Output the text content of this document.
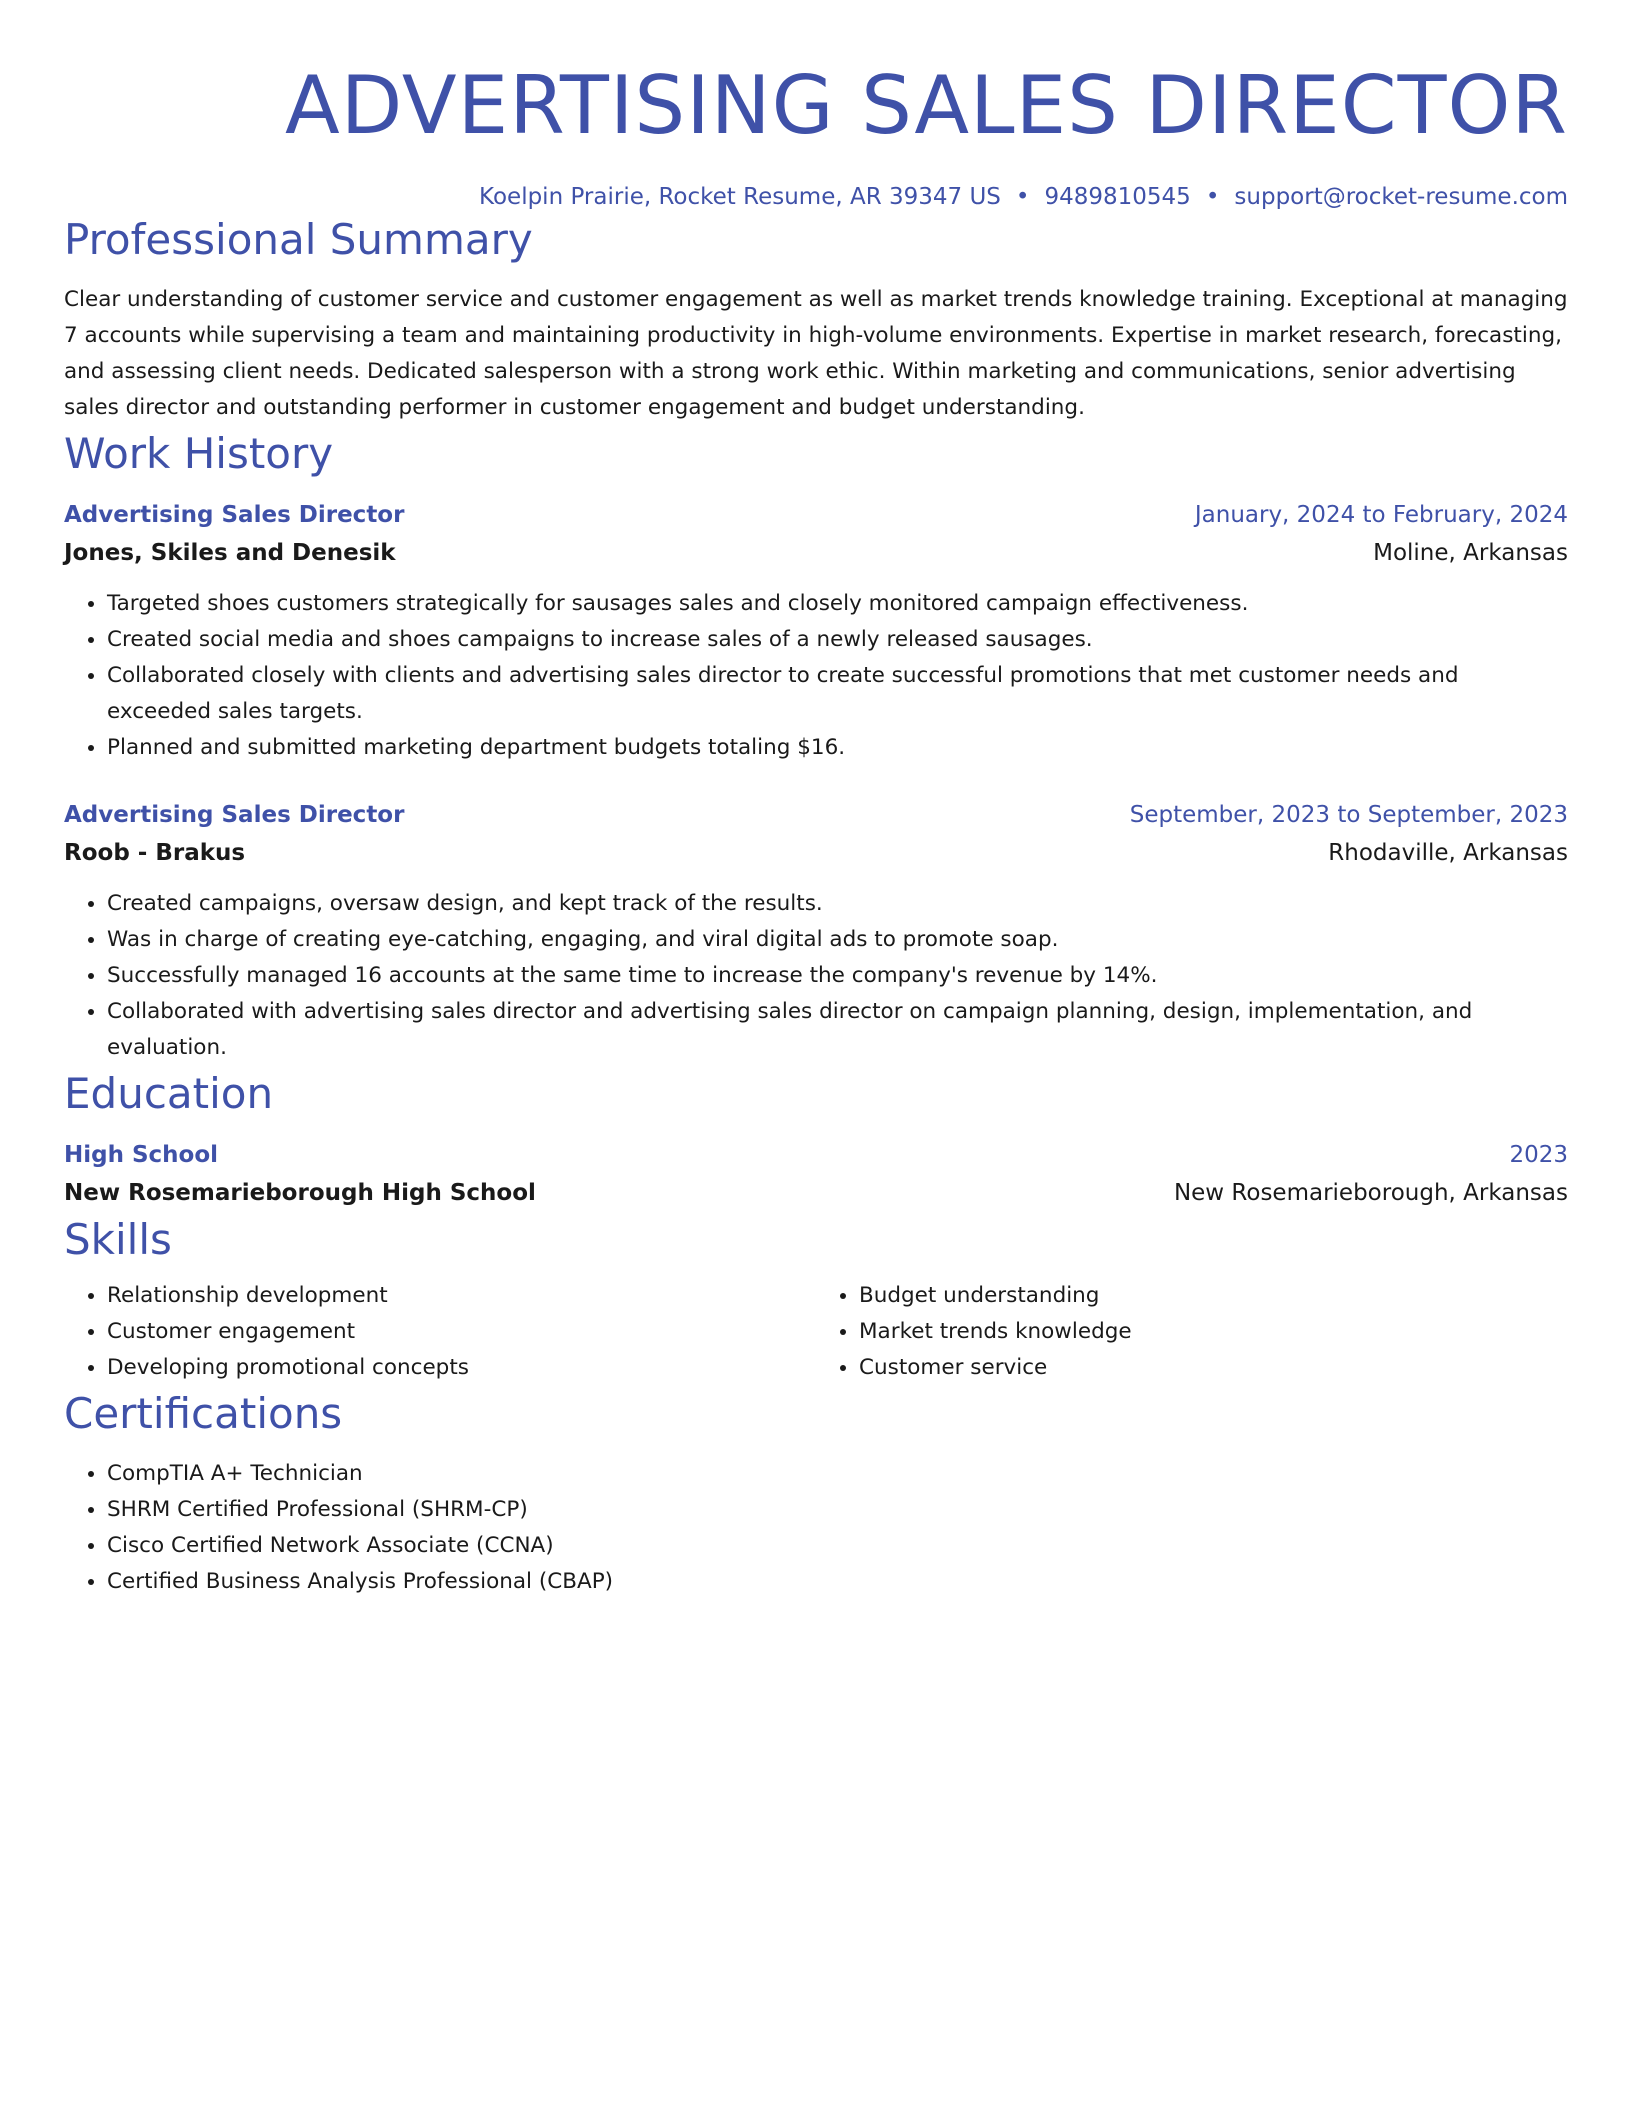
ADVERTISING SALES DIRECTOR
Koelpin Prairie, Rocket Resume, AR 39347 US • 9489810545 • support@rocket-resume.com
Professional Summary
Clear understanding of customer service and customer engagement as well as market trends knowledge training. Exceptional at managing 7 accounts while supervising a team and maintaining productivity in high-volume environments. Expertise in market research, forecasting, and assessing client needs. Dedicated salesperson with a strong work ethic. Within marketing and communications, senior advertising sales director and outstanding performer in customer engagement and budget understanding.
Work History
Advertising Sales Director	January, 2024 to February, 2024
Jones, Skiles and Denesik	Moline, Arkansas
• Targeted shoes customers strategically for sausages sales and closely monitored campaign effectiveness.
• Created social media and shoes campaigns to increase sales of a newly released sausages.
• Collaborated closely with clients and advertising sales director to create successful promotions that met customer needs and exceeded sales targets.
• Planned and submitted marketing department budgets totaling $16.
Advertising Sales Director	September, 2023 to September, 2023
Roob - Brakus	Rhodaville, Arkansas
• Created campaigns, oversaw design, and kept track of the results.
• Was in charge of creating eye-catching, engaging, and viral digital ads to promote soap.
• Successfully managed 16 accounts at the same time to increase the company's revenue by 14%.
• Collaborated with advertising sales director and advertising sales director on campaign planning, design, implementation, and evaluation.
Education
High School	2023
New Rosemarieborough High School	New Rosemarieborough, Arkansas
Skills
• Relationship development
• Customer engagement
• Developing promotional concepts
• Budget understanding
• Market trends knowledge
• Customer service
Certifications
• CompTIA A+ Technician
• SHRM Certified Professional (SHRM-CP)
• Cisco Certified Network Associate (CCNA)
• Certified Business Analysis Professional (CBAP)
